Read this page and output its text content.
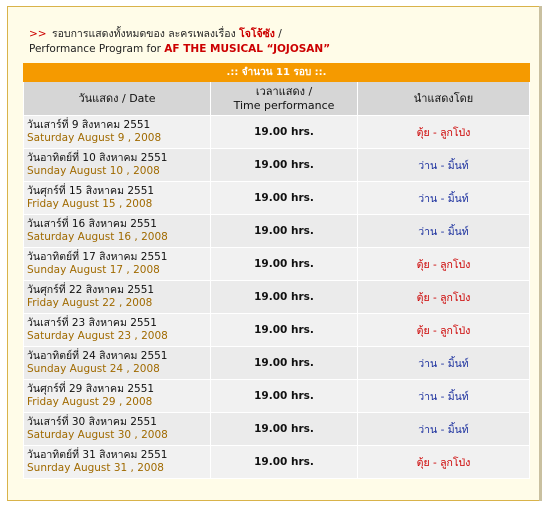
>> รอบการแสดงทั้งหมดของ ละครเพลงเรื่อง โจโจ้ซัง /
Performance Program for AF THE MUSICAL “JOJOSAN”
.:: จำนวน 11 รอบ ::.		
วันแสดง / Date	เวลาแสดง /
Time performance	นำแสดงโดย

วันเสาร์ที่ 9 สิงหาคม 2551
Saturday August 9 , 2008	19.00 hrs.	ตุ้ย - ลูกโป่ง

วันอาทิตย์ที่ 10 สิงหาคม 2551
Sunday August 10 , 2008	19.00 hrs.	ว่าน - มิ้นท์

วันศุกร์ที่ 15 สิงหาคม 2551
Friday August 15 , 2008	19.00 hrs.	ว่าน - มิ้นท์

วันเสาร์ที่ 16 สิงหาคม 2551
Saturday August 16 , 2008	19.00 hrs.	ว่าน - มิ้นท์

วันอาทิตย์ที่ 17 สิงหาคม 2551
Sunday August 17 , 2008	19.00 hrs.	ตุ้ย - ลูกโป่ง

วันศุกร์ที่ 22 สิงหาคม 2551
Friday August 22 , 2008	19.00 hrs.	ตุ้ย - ลูกโป่ง

วันเสาร์ที่ 23 สิงหาคม 2551
Saturday August 23 , 2008	19.00 hrs.	ตุ้ย - ลูกโป่ง

วันอาทิตย์ที่ 24 สิงหาคม 2551
Sunday August 24 , 2008	19.00 hrs.	ว่าน - มิ้นท์

วันศุกร์ที่ 29 สิงหาคม 2551
Friday August 29 , 2008	19.00 hrs.	ว่าน - มิ้นท์

วันเสาร์ที่ 30 สิงหาคม 2551
Saturday August 30 , 2008	19.00 hrs.	ว่าน - มิ้นท์

วันอาทิตย์ที่ 31 สิงหาคม 2551
Sunrday August 31 , 2008	19.00 hrs.	ตุ้ย - ลูกโป่ง
